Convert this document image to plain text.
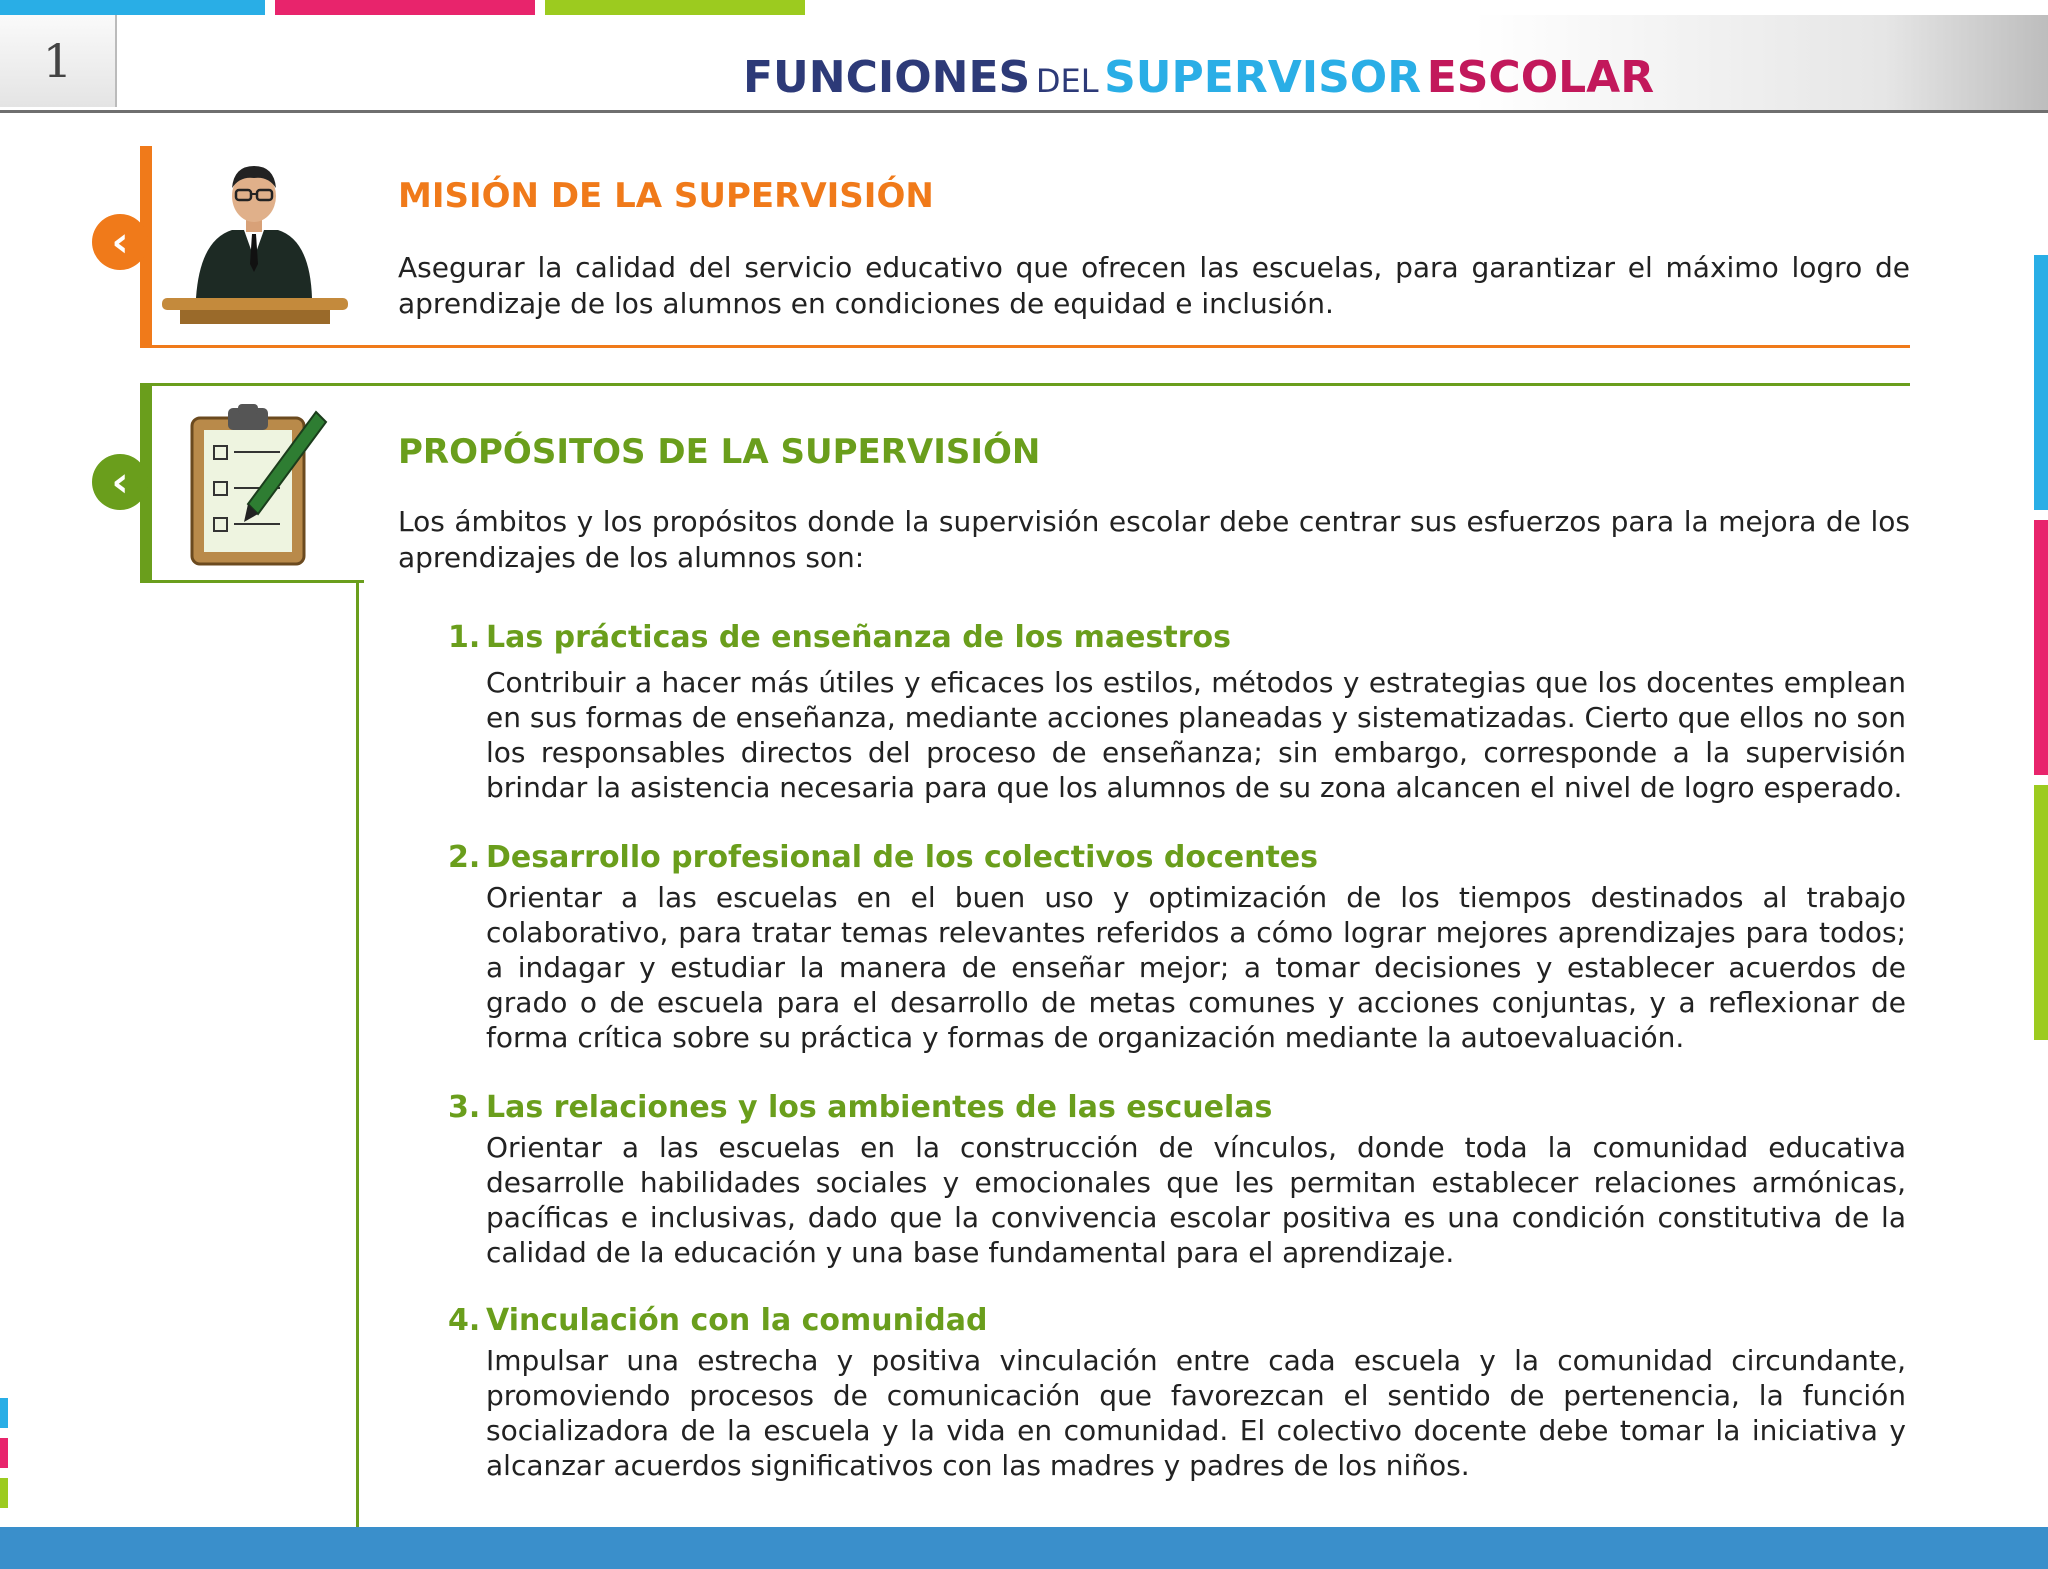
1	FUNCIONES DEL SUPERVISOR ESCOLAR
‹
MISIÓN DE LA SUPERVISIÓN
Asegurar la calidad del servicio educativo que ofrecen las escuelas, para garantizar el máximo logro de aprendizaje de los alumnos en condiciones de equidad e inclusión.
‹
PROPÓSITOS DE LA SUPERVISIÓN
Los ámbitos y los propósitos donde la supervisión escolar debe centrar sus esfuerzos para la mejora de los aprendizajes de los alumnos son:
1. Las prácticas de enseñanza de los maestros
Contribuir a hacer más útiles y eficaces los estilos, métodos y estrategias que los docentes emplean en sus formas de enseñanza, mediante acciones planeadas y sistematizadas. Cierto que ellos no son los responsables directos del proceso de enseñanza; sin embargo, corresponde a la supervisión brindar la asistencia necesaria para que los alumnos de su zona alcancen el nivel de logro esperado.
2. Desarrollo profesional de los colectivos docentes
Orientar a las escuelas en el buen uso y optimización de los tiempos destinados al trabajo colaborativo, para tratar temas relevantes referidos a cómo lograr mejores aprendizajes para todos; a indagar y estudiar la manera de enseñar mejor; a tomar decisiones y establecer acuerdos de grado o de escuela para el desarrollo de metas comunes y acciones conjuntas, y a reflexionar de forma crítica sobre su práctica y formas de organización mediante la autoevaluación.
3. Las relaciones y los ambientes de las escuelas
Orientar a las escuelas en la construcción de vínculos, donde toda la comunidad educativa desarrolle habilidades sociales y emocionales que les permitan establecer relaciones armónicas, pacíficas e inclusivas, dado que la convivencia escolar positiva es una condición constitutiva de la calidad de la educación y una base fundamental para el aprendizaje.
4. Vinculación con la comunidad
Impulsar una estrecha y positiva vinculación entre cada escuela y la comunidad circundante, promoviendo procesos de comunicación que favorezcan el sentido de pertenencia, la función socializadora de la escuela y la vida en comunidad. El colectivo docente debe tomar la iniciativa y alcanzar acuerdos significativos con las madres y padres de los niños.
